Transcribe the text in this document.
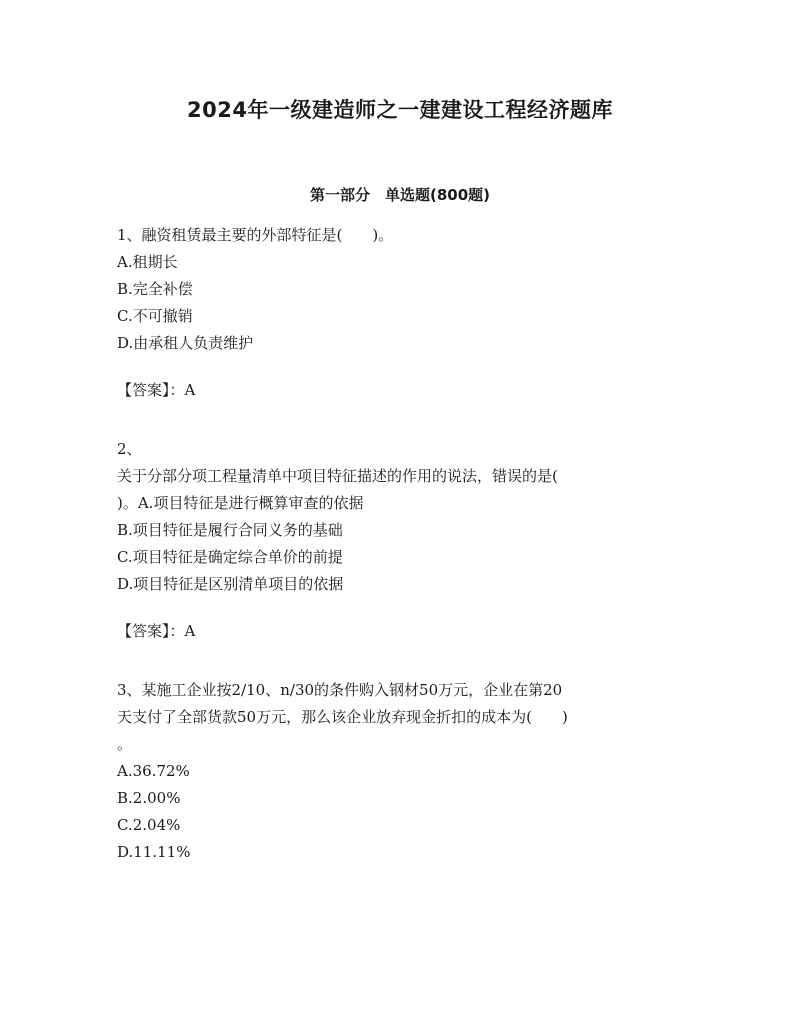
2024年一级建造师之一建建设工程经济题库
第一部分　单选题(800题)
1、融资租赁最主要的外部特征是(　　)。
A.租期长
B.完全补偿
C.不可撤销
D.由承租人负责维护
【答案】：A
2、
关于分部分项工程量清单中项目特征描述的作用的说法，错误的是(
)。A.项目特征是进行概算审查的依据
B.项目特征是履行合同义务的基础
C.项目特征是确定综合单价的前提
D.项目特征是区别清单项目的依据
【答案】：A
3、某施工企业按2/10、n/30的条件购入钢材50万元，企业在第20
天支付了全部货款50万元，那么该企业放弃现金折扣的成本为(　　)
。
A.36.72%
B.2.00%
C.2.04%
D.11.11%
